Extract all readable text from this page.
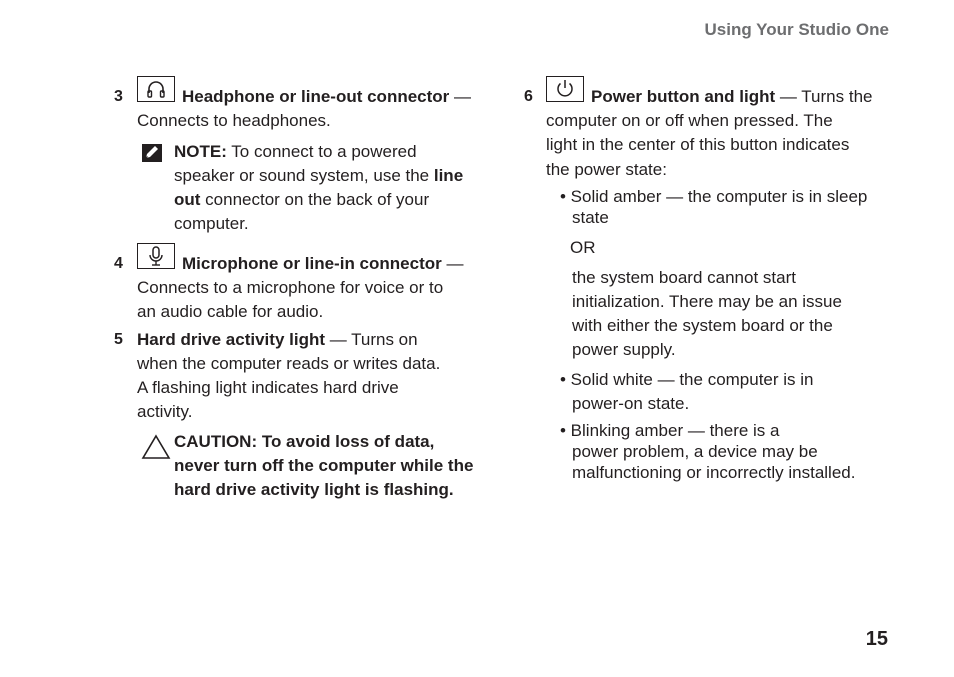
Using Your Studio One
3	Headphone or line-out connector —
Connects to headphones.
NOTE: To connect to a powered
speaker or sound system, use the line
out connector on the back of your
computer.
4	Microphone or line-in connector —
Connects to a microphone for voice or to
an audio cable for audio.
5 Hard drive activity light — Turns on
when the computer reads or writes data.
A flashing light indicates hard drive
activity.
CAUTION: To avoid loss of data,
never turn off the computer while the
hard drive activity light is flashing.
6	Power button and light — Turns the
computer on or off when pressed. The
light in the center of this button indicates
the power state:
• Solid amber — the computer is in sleep
state
OR
the system board cannot start
initialization. There may be an issue
with either the system board or the
power supply.
• Solid white — the computer is in
power-on state.
• Blinking amber — there is a
power problem, a device may be
malfunctioning or incorrectly installed.
15
